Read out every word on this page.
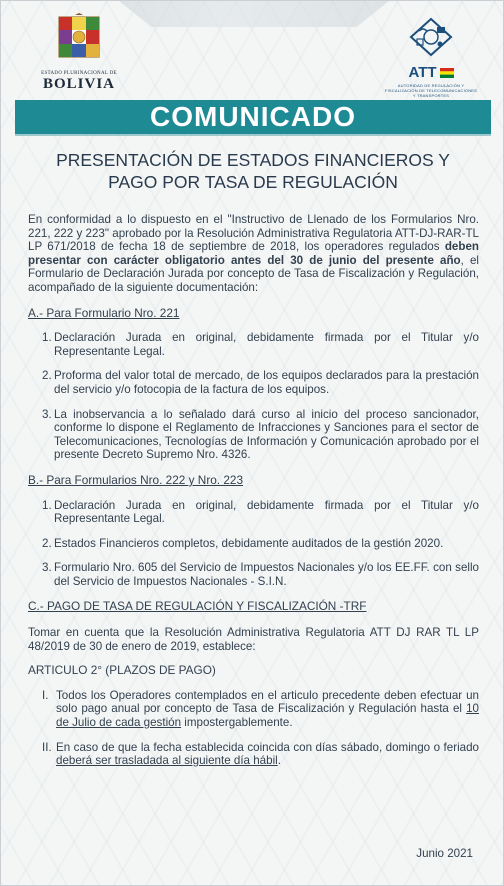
ESTADO PLURINACIONAL DE
BOLIVIA
ATT
AUTORIDAD DE REGULACIÓN Y FISCALIZACIÓN DE TELECOMUNICACIONES Y TRANSPORTES
COMUNICADO
PRESENTACIÓN DE ESTADOS FINANCIEROS Y
PAGO POR TASA DE REGULACIÓN

En conformidad a lo dispuesto en el "Instructivo de Llenado de los Formularios Nro. 221, 222 y 223" aprobado por la Resolución Administrativa Regulatoria ATT-DJ-RAR-TL LP 671/2018 de fecha 18 de septiembre de 2018, los operadores regulados deben presentar con carácter obligatorio antes del 30 de junio del presente año, el Formulario de Declaración Jurada por concepto de Tasa de Fiscalización y Regulación, acompañado de la siguiente documentación:

A.- Para Formulario Nro. 221
1. Declaración Jurada en original, debidamente firmada por el Titular y/o Representante Legal.
2. Proforma del valor total de mercado, de los equipos declarados para la prestación del servicio y/o fotocopia de la factura de los equipos.
3. La inobservancia a lo señalado dará curso al inicio del proceso sancionador, conforme lo dispone el Reglamento de Infracciones y Sanciones para el sector de Telecomunicaciones, Tecnologías de Información y Comunicación aprobado por el presente Decreto Supremo Nro. 4326.
B.- Para Formularios Nro. 222 y Nro. 223
1. Declaración Jurada en original, debidamente firmada por el Titular y/o Representante Legal.
2. Estados Financieros completos, debidamente auditados de la gestión 2020.
3. Formulario Nro. 605 del Servicio de Impuestos Nacionales y/o los EE.FF. con sello del Servicio de Impuestos Nacionales - S.I.N.
C.- PAGO DE TASA DE REGULACIÓN Y FISCALIZACIÓN -TRF

Tomar en cuenta que la Resolución Administrativa Regulatoria ATT DJ RAR TL LP 48/2019 de 30 de enero de 2019, establece:

ARTICULO 2° (PLAZOS DE PAGO)
I. Todos los Operadores contemplados en el articulo precedente deben efectuar un solo pago anual por concepto de Tasa de Fiscalización y Regulación hasta el 10 de Julio de cada gestión impostergablemente.
II. En caso de que la fecha establecida coincida con días sábado, domingo o feriado deberá ser trasladada al siguiente día hábil.
Junio 2021
